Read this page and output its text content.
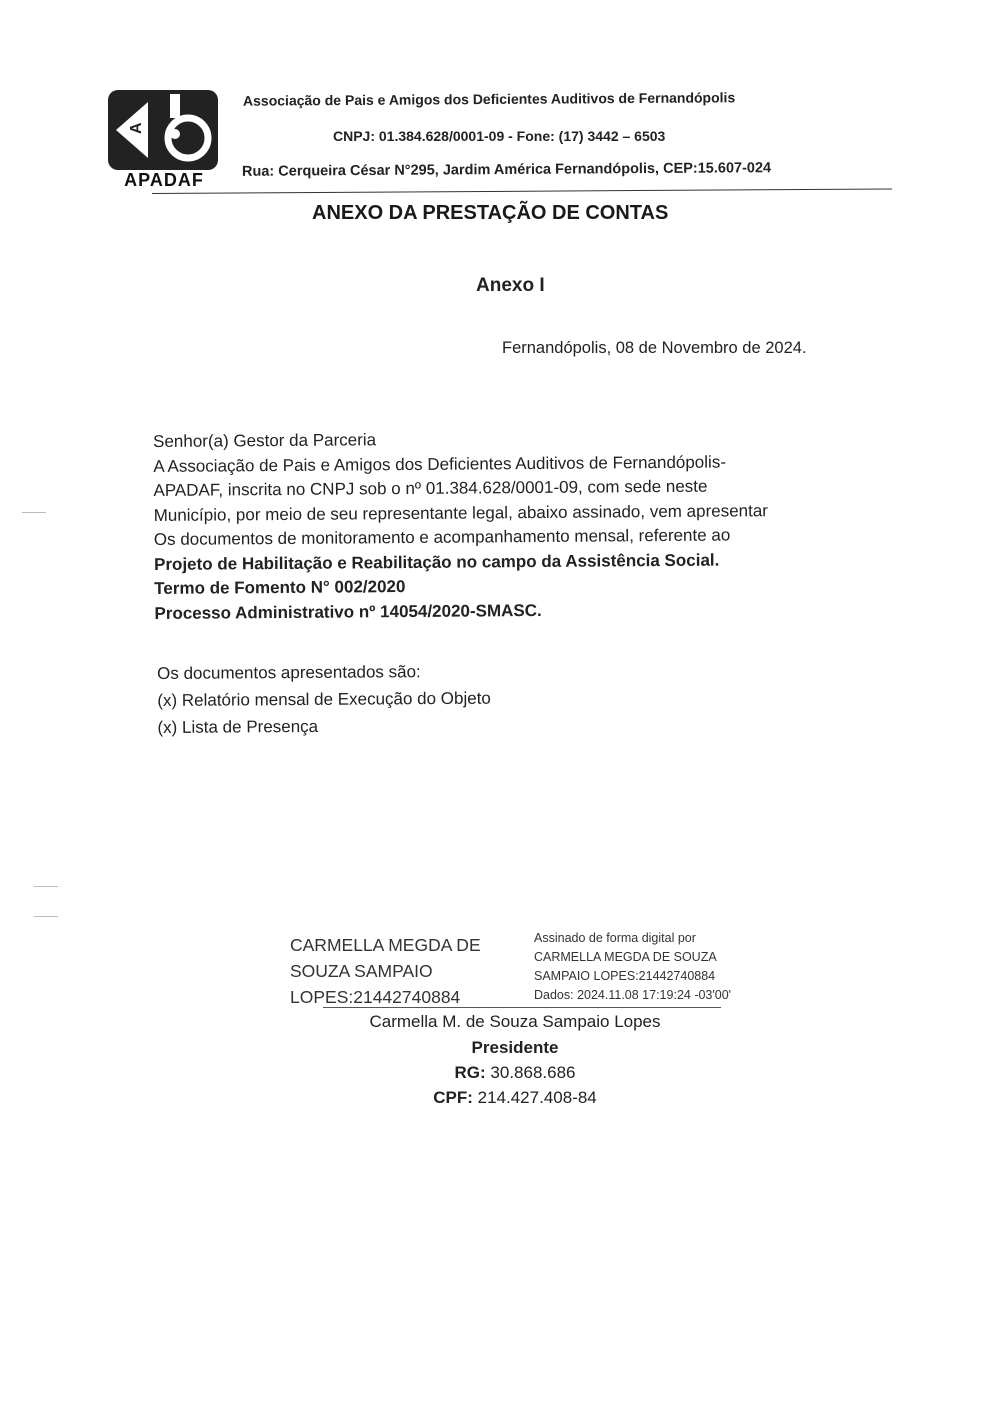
A
APADAF
Associação de Pais e Amigos dos Deficientes Auditivos de Fernandópolis
CNPJ: 01.384.628/0001-09 - Fone: (17) 3442 – 6503
Rua: Cerqueira César N°295, Jardim América Fernandópolis, CEP:15.607-024
ANEXO DA PRESTAÇÃO DE CONTAS
Anexo I
Fernandópolis, 08 de Novembro de 2024.

Senhor(a) Gestor da Parceria

A Associação de Pais e Amigos dos Deficientes Auditivos de Fernandópolis-

APADAF, inscrita no CNPJ sob o nº 01.384.628/0001-09, com sede neste

Município, por meio de seu representante legal, abaixo assinado, vem apresentar

Os documentos de monitoramento e acompanhamento mensal, referente ao

Projeto de Habilitação e Reabilitação no campo da Assistência Social.

Termo de Fomento N° 002/2020

Processo Administrativo nº 14054/2020-SMASC.

Os documentos apresentados são:

(x) Relatório mensal de Execução do Objeto

(x) Lista de Presença

CARMELLA MEGDA DE

SOUZA SAMPAIO

LOPES:21442740884

Assinado de forma digital por

CARMELLA MEGDA DE SOUZA

SAMPAIO LOPES:21442740884

Dados: 2024.11.08 17:19:24 -03'00'

Carmella M. de Souza Sampaio Lopes
Presidente
RG: 30.868.686
CPF: 214.427.408-84
